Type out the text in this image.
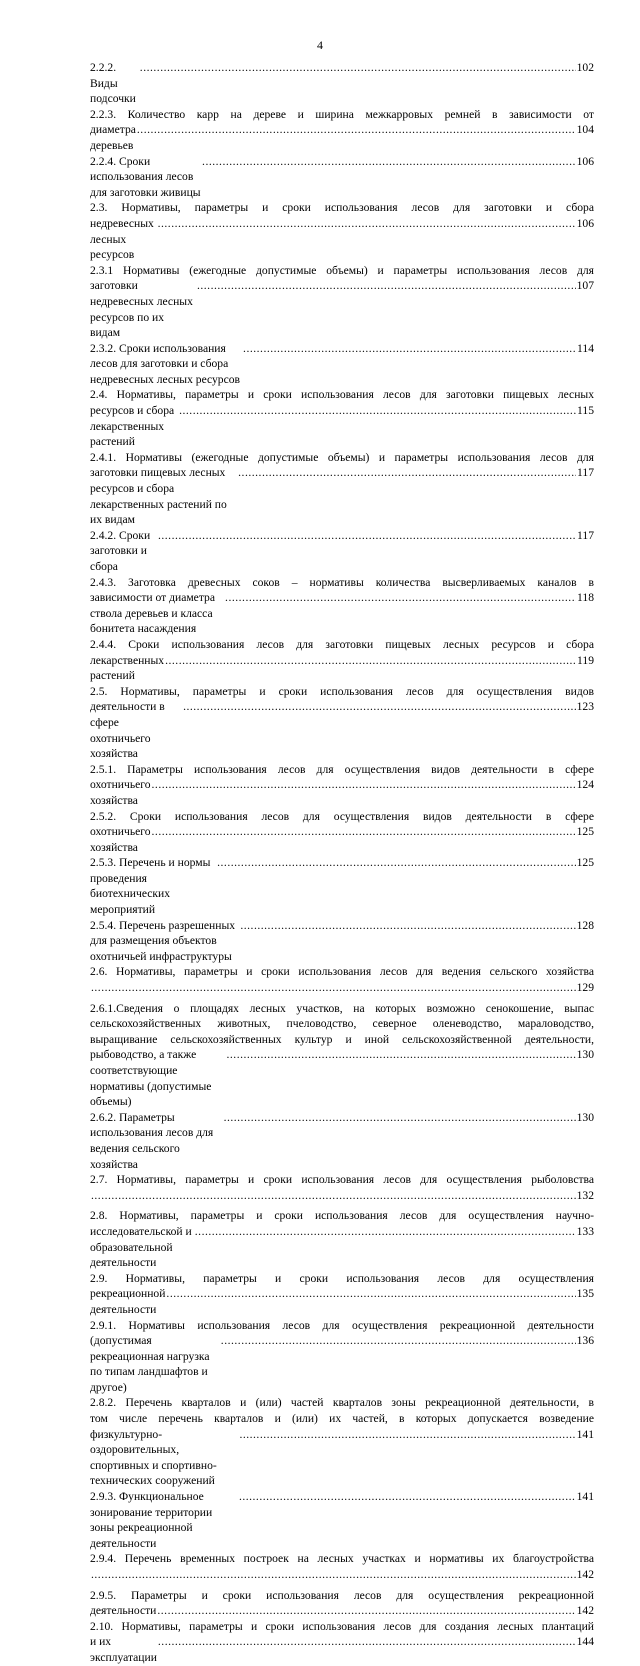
4
2.2.2. Виды подсочки
.....
102
2.2.3. Количество карр на дереве и ширина межкарровых ремней в зависимости от
диаметра деревьев
.....
104
2.2.4. Сроки использования лесов для заготовки живицы
.....
106
2.3. Нормативы, параметры и сроки использования лесов для заготовки и сбора
недревесных лесных ресурсов
.....
106
2.3.1 Нормативы (ежегодные допустимые объемы) и параметры использования лесов для
заготовки недревесных лесных ресурсов по их видам
.....
107
2.3.2. Сроки использования лесов для заготовки и сбора недревесных лесных ресурсов
.....
114
2.4. Нормативы, параметры и сроки использования лесов для заготовки пищевых лесных
ресурсов и сбора лекарственных растений
.....
115
2.4.1. Нормативы (ежегодные допустимые объемы) и параметры использования лесов для
заготовки пищевых лесных ресурсов и сбора лекарственных растений по их видам
.....
117
2.4.2. Сроки заготовки и сбора
.....
117
2.4.3. Заготовка древесных соков – нормативы количества высверливаемых каналов в
зависимости от диаметра ствола деревьев и класса бонитета насаждения
.....
118
2.4.4. Сроки использования лесов для заготовки пищевых лесных ресурсов и сбора
лекарственных растений
.....
119
2.5. Нормативы, параметры и сроки использования лесов для осуществления видов
деятельности в сфере охотничьего хозяйства
.....
123
2.5.1. Параметры использования лесов для осуществления видов деятельности в сфере
охотничьего хозяйства
.....
124
2.5.2. Сроки использования лесов для осуществления видов деятельности в сфере
охотничьего хозяйства
.....
125
2.5.3. Перечень и нормы проведения биотехнических мероприятий
.....
125
2.5.4. Перечень разрешенных для размещения объектов охотничьей инфраструктуры
.....
128
2.6. Нормативы, параметры и сроки использования лесов для ведения сельского хозяйства
.....
129
2.6.1.Сведения о площадях лесных участков, на которых возможно сенокошение, выпас
сельскохозяйственных животных, пчеловодство, северное оленеводство, мараловодство,
выращивание сельскохозяйственных культур и иной сельскохозяйственной деятельности,
рыбоводство, а также соответствующие нормативы (допустимые объемы)
.....
130
2.6.2. Параметры использования лесов для ведения сельского хозяйства
.....
130
2.7. Нормативы, параметры и сроки использования лесов для осуществления рыболовства
.....
132
2.8. Нормативы, параметры и сроки использования лесов для осуществления научно-
исследовательской и образовательной деятельности
.....
133
2.9. Нормативы, параметры и сроки использования лесов для осуществления
рекреационной деятельности
.....
135
2.9.1. Нормативы использования лесов для осуществления рекреационной деятельности
(допустимая рекреационная нагрузка по типам ландшафтов и другое)
.....
136
2.8.2. Перечень кварталов и (или) частей кварталов зоны рекреационной деятельности, в
том числе перечень кварталов и (или) их частей, в которых допускается возведение
физкультурно-оздоровительных, спортивных и спортивно-технических сооружений
.....
141
2.9.3. Функциональное зонирование территории зоны рекреационной деятельности
.....
141
2.9.4. Перечень временных построек на лесных участках и нормативы их благоустройства
.....
142
2.9.5. Параметры и сроки использования лесов для осуществления рекреационной
деятельности
.....	142
2.10. Нормативы, параметры и сроки использования лесов для создания лесных плантаций
и их эксплуатации
.....
144
